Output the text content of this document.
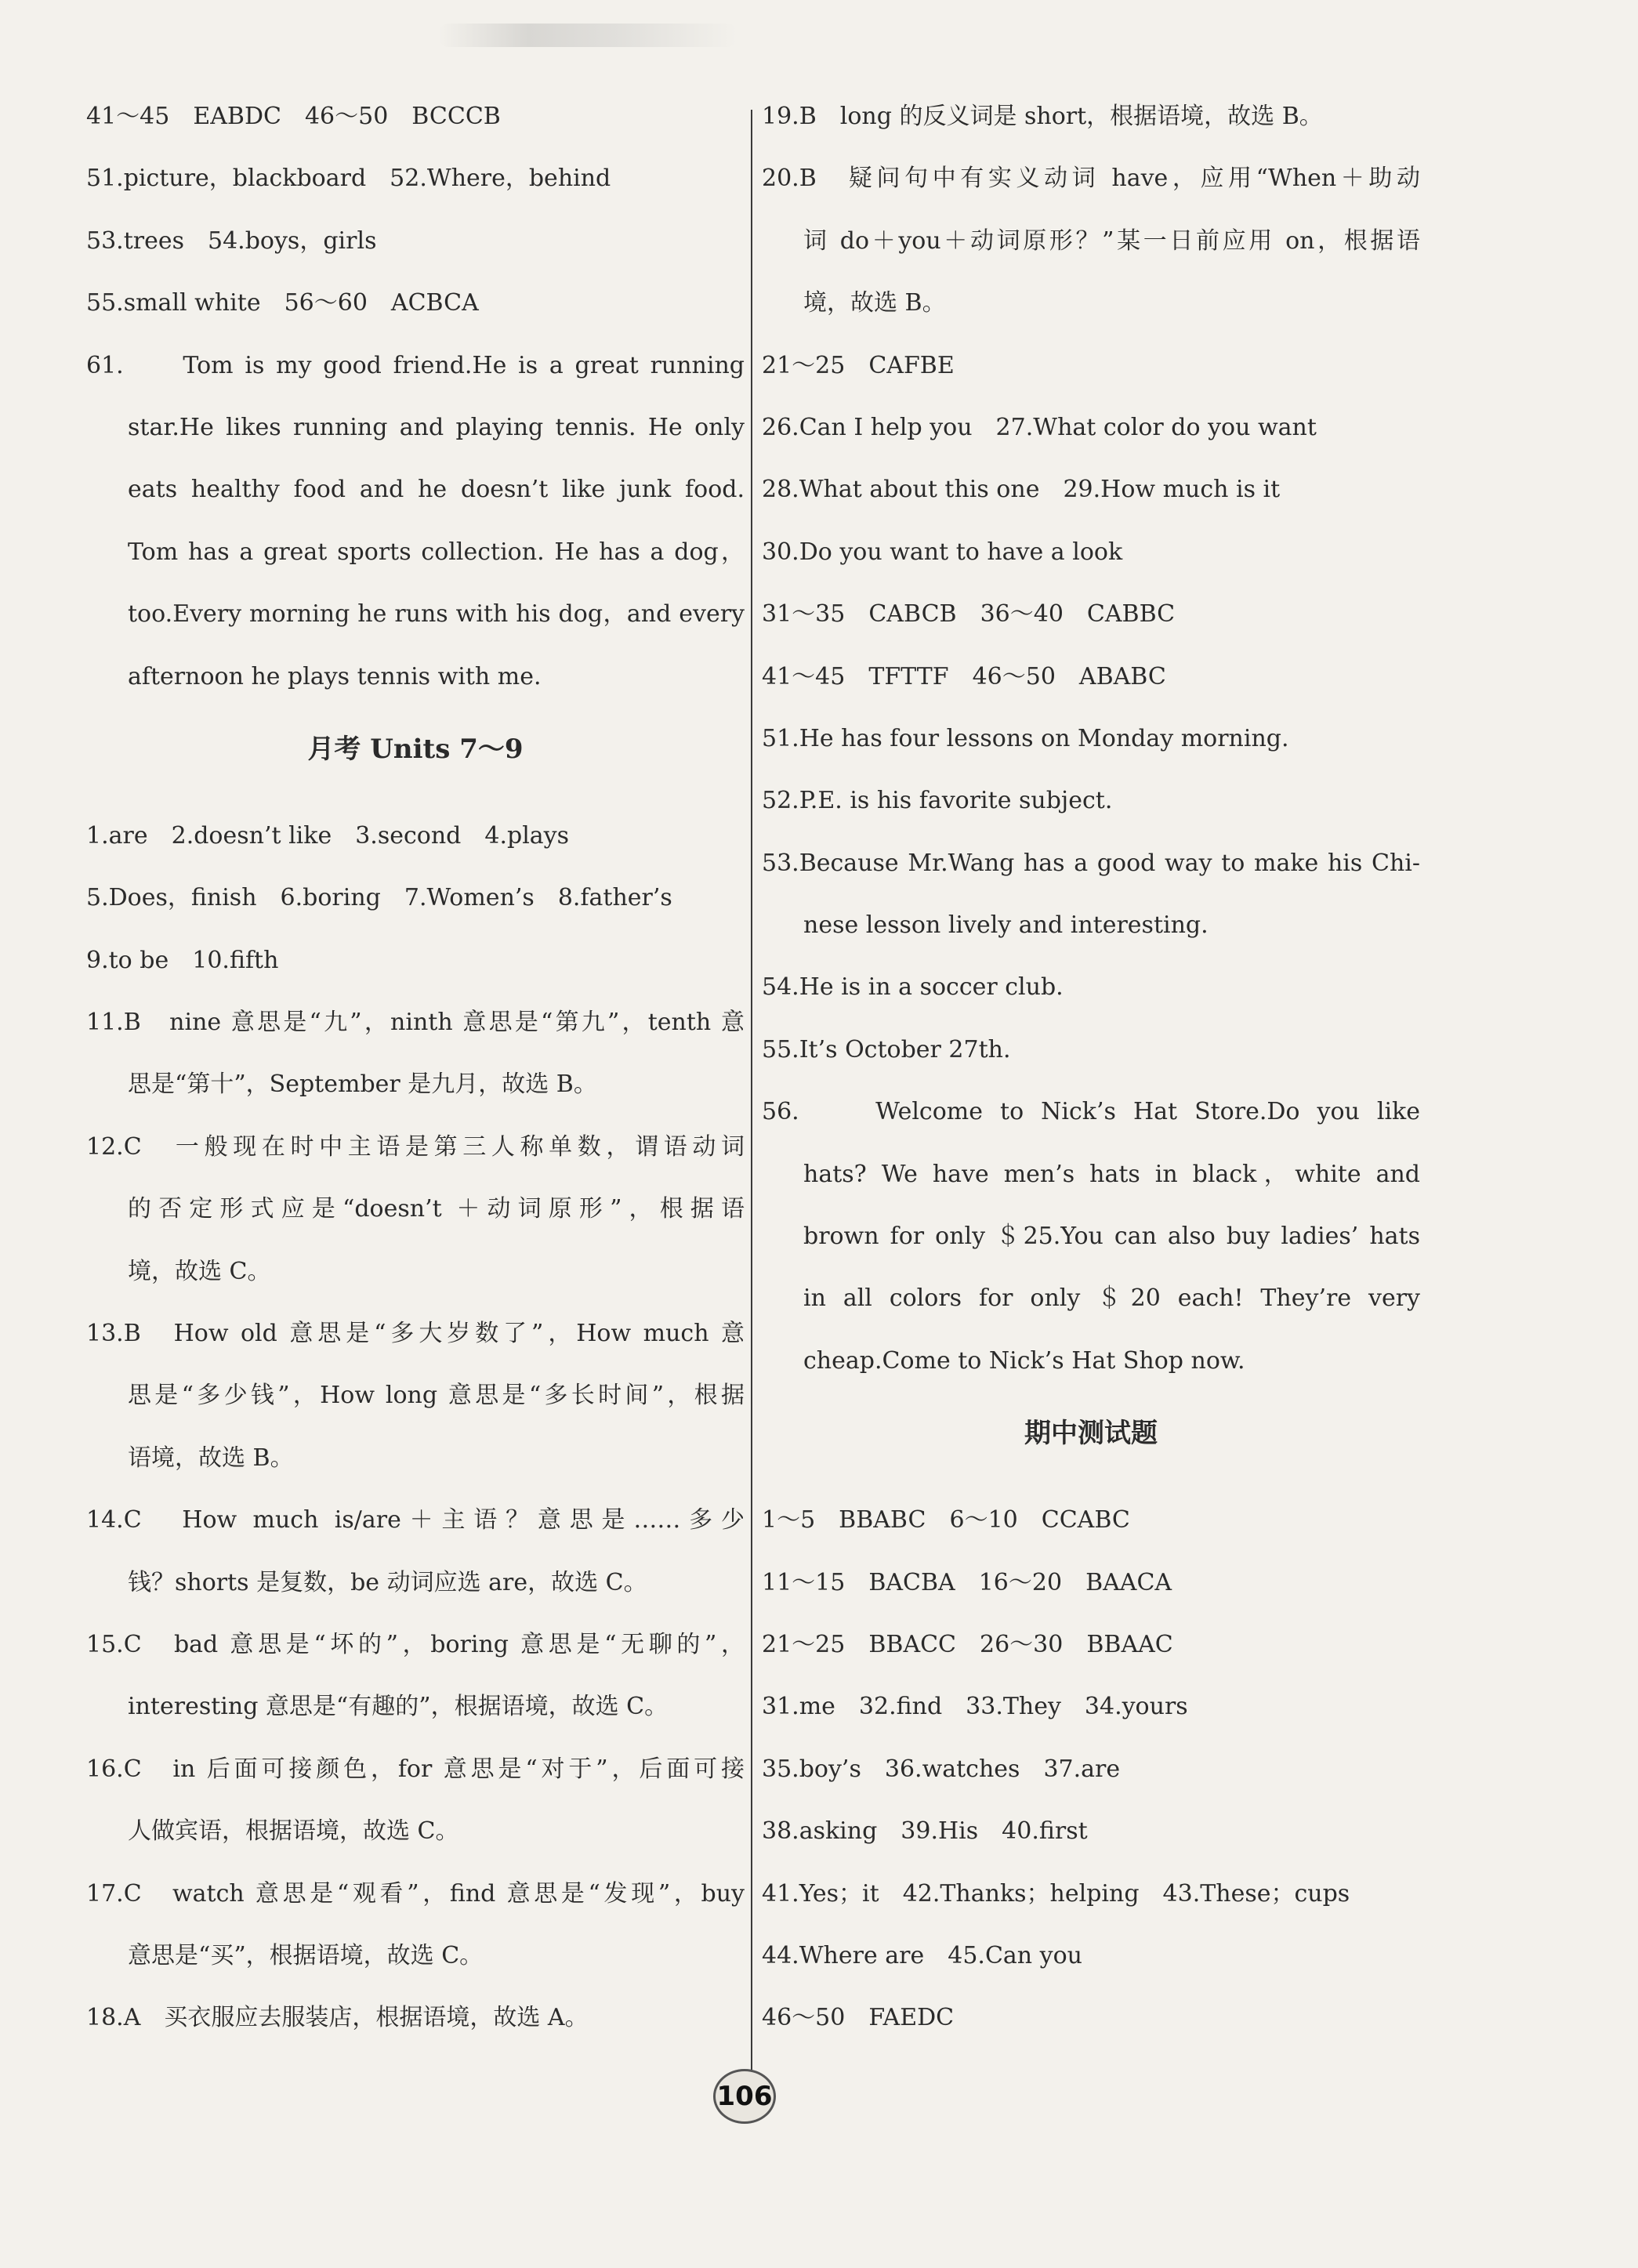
41～45　EABDC　46～50　BCCCB
51.picture，blackboard　52.Where，behind
53.trees　54.boys，girls
55.small white　56～60　ACBCA
61.　　Tom is my good friend.He is a great running
star.He likes running and playing tennis. He only
eats healthy food and he doesn’t like junk food.
Tom has a great sports collection. He has a dog，
too.Every morning he runs with his dog，and every
afternoon he plays tennis with me.
月考 Units 7～9
1.are　2.doesn’t like　3.second　4.plays
5.Does，finish　6.boring　7.Women’s　8.father’s
9.to be　10.fifth
11.B　nine 意思是“九”，ninth 意思是“第九”，tenth 意
思是“第十”，September 是九月，故选 B。
12.C　一般现在时中主语是第三人称单数，谓语动词
的否定形式应是“doesn’t ＋动词原形”，根据语
境，故选 C。
13.B　How old 意思是“多大岁数了”，How much 意
思是“多少钱”，How long 意思是“多长时间”，根据
语境，故选 B。
14.C　How much is/are＋主语？意思是……多少
钱？shorts 是复数，be 动词应选 are，故选 C。
15.C　bad 意思是“坏的”，boring 意思是“无聊的”，
interesting 意思是“有趣的”，根据语境，故选 C。
16.C　in 后面可接颜色，for 意思是“对于”，后面可接
人做宾语，根据语境，故选 C。
17.C　watch 意思是“观看”，find 意思是“发现”，buy
意思是“买”，根据语境，故选 C。
18.A　买衣服应去服装店，根据语境，故选 A。
19.B　long 的反义词是 short，根据语境，故选 B。
20.B　疑问句中有实义动词 have，应用“When＋助动
词 do＋you＋动词原形？”某一日前应用 on，根据语
境，故选 B。
21～25　CAFBE
26.Can I help you　27.What color do you want
28.What about this one　29.How much is it
30.Do you want to have a look
31～35　CABCB　36～40　CABBC
41～45　TFTTF　46～50　ABABC
51.He has four lessons on Monday morning.
52.P.E. is his favorite subject.
53.Because Mr.Wang has a good way to make his Chi-
nese lesson lively and interesting.
54.He is in a soccer club.
55.It’s October 27th.
56.　　Welcome to Nick’s Hat Store.Do you like
hats? We have men’s hats in black，white and
brown for only ＄25.You can also buy ladies’ hats
in all colors for only ＄20 each! They’re very
cheap.Come to Nick’s Hat Shop now.
期中测试题
1～5　BBABC　6～10　CCABC
11～15　BACBA　16～20　BAACA
21～25　BBACC　26～30　BBAAC
31.me　32.find　33.They　34.yours
35.boy’s　36.watches　37.are
38.asking　39.His　40.first
41.Yes；it　42.Thanks；helping　43.These；cups
44.Where are　45.Can you
46～50　FAEDC
106
